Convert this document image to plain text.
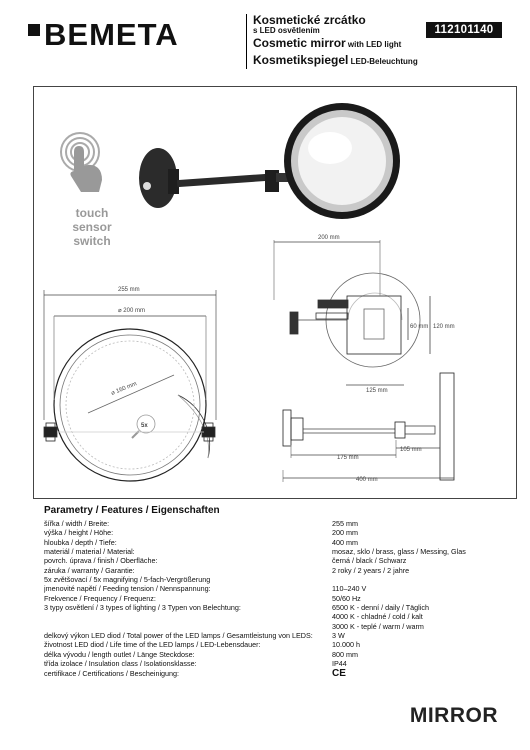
BEMETA	Kosmetické zrcátko
s LED osvětlením
Cosmetic mirror with LED light
Kosmetikspiegel LED-Beleuchtung
112101140
255 mm
⌀ 200 mm
⌀ 160 mm
5x
200 mm
120 mm
60 mm
125 mm
175 mm
105 mm
400 mm
touch
sensor
switch
Parametry / Features / Eigenschaften
šířka / width / Breite:	255 mm
výška / height / Höhe:	200 mm
hloubka / depth / Tiefe:	400 mm
materiál / material / Material:	mosaz, sklo / brass, glass / Messing, Glas
povrch. úprava / finish / Oberfläche:	černá / black / Schwarz
záruka / warranty / Garantie:	2 roky / 2 years / 2 jahre
5x zvětšovací / 5x magnifying / 5-fach-Vergrößerung
jmenovité napětí / Feeding tension / Nennspannung:	110–240 V
Frekvence / Frequency / Frequenz:	50/60 Hz
3 typy osvětlení / 3 types of lighting / 3 Typen von Belechtung:	6500 K - denní / daily / Täglich
4000 K - chladné / cold / kalt
3000 K - teplé / warm / warm
delkový výkon LED diod / Total power of the LED lamps / Gesamtleistung von LEDS:	3 W
životnost LED diod / Life time of the LED lamps / LED-Lebensdauer:	10.000 h
délka vývodu / length outlet / Länge Steckdose:	800 mm
třída izolace / Insulation class / Isolationsklasse:	IP44
certifikace / Certifications / Bescheinigung:	CE
MIRROR
